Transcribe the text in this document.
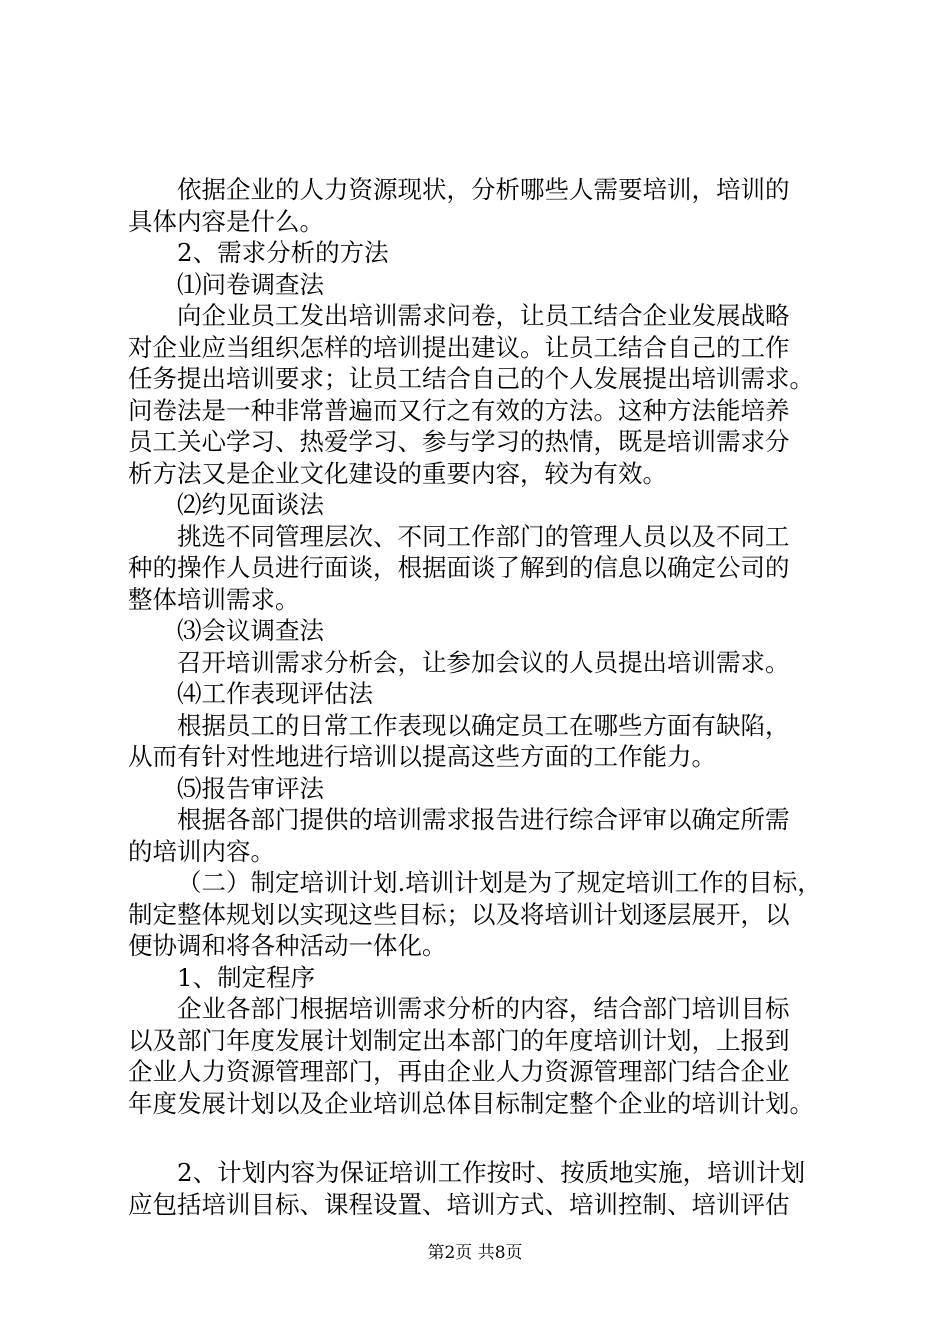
依据企业的人力资源现状，分析哪些人需要培训，培训的
具体内容是什么。
2、需求分析的方法
⑴问卷调查法
向企业员工发出培训需求问卷，让员工结合企业发展战略
对企业应当组织怎样的培训提出建议。让员工结合自己的工作
任务提出培训要求；让员工结合自己的个人发展提出培训需求。
问卷法是一种非常普遍而又行之有效的方法。这种方法能培养
员工关心学习、热爱学习、参与学习的热情，既是培训需求分
析方法又是企业文化建设的重要内容，较为有效。
⑵约见面谈法
挑选不同管理层次、不同工作部门的管理人员以及不同工
种的操作人员进行面谈，根据面谈了解到的信息以确定公司的
整体培训需求。
⑶会议调查法
召开培训需求分析会，让参加会议的人员提出培训需求。
⑷工作表现评估法
根据员工的日常工作表现以确定员工在哪些方面有缺陷，
从而有针对性地进行培训以提高这些方面的工作能力。
⑸报告审评法
根据各部门提供的培训需求报告进行综合评审以确定所需
的培训内容。
（二）制定培训计划.培训计划是为了规定培训工作的目标，
制定整体规划以实现这些目标；以及将培训计划逐层展开，以
便协调和将各种活动一体化。
1、制定程序
企业各部门根据培训需求分析的内容，结合部门培训目标
以及部门年度发展计划制定出本部门的年度培训计划，上报到
企业人力资源管理部门，再由企业人力资源管理部门结合企业
年度发展计划以及企业培训总体目标制定整个企业的培训计划。
2、计划内容为保证培训工作按时、按质地实施，培训计划
应包括培训目标、课程设置、培训方式、培训控制、培训评估
第2页 共8页
